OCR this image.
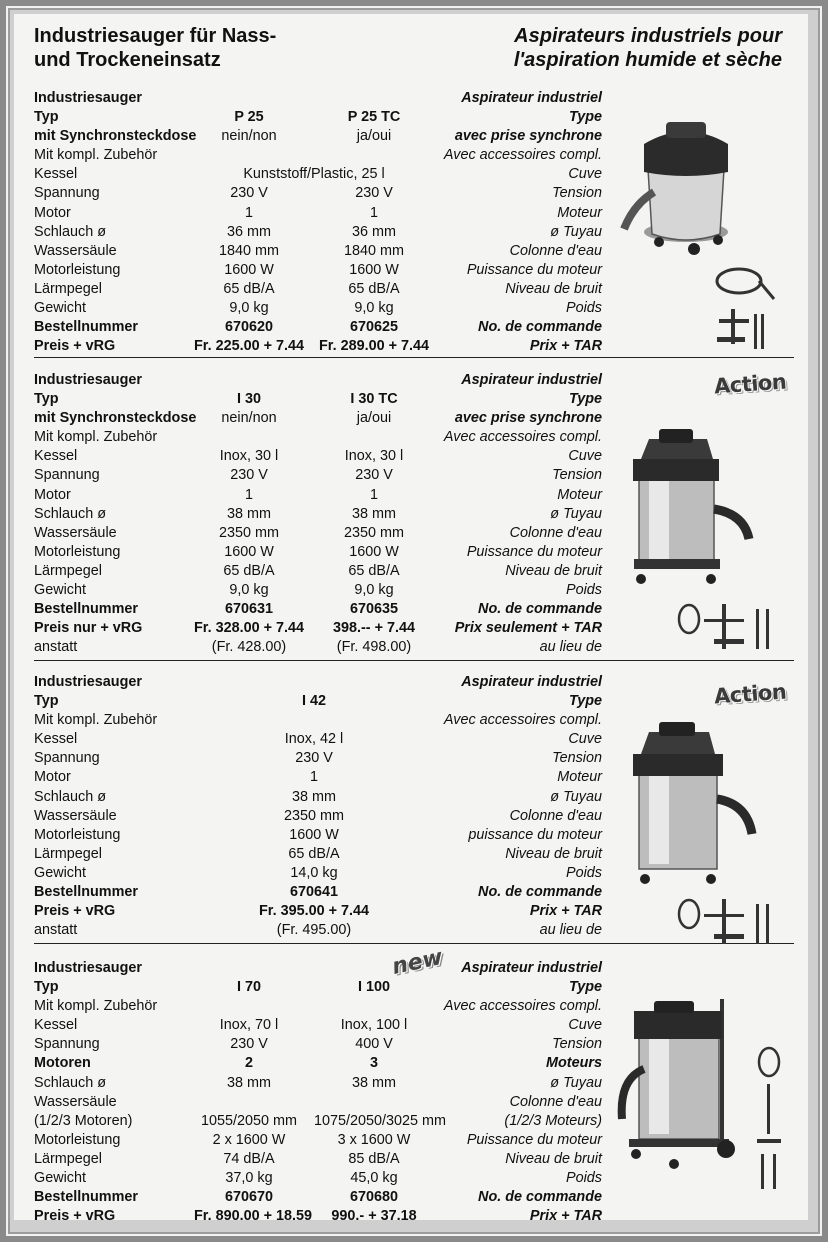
Industriesauger für Nass-
und Trockeneinsatz
Aspirateurs industriels pour
l'aspiration humide et sèche
Industriesauger	Aspirateur industriel
Typ	P 25	P 25 TC	Type
mit Synchronsteckdose	nein/non	ja/oui	avec prise synchrone
Mit kompl. Zubehör	Avec accessoires compl.
Kessel	Kunststoff/Plastic, 25 l	Cuve
Spannung	230 V	230 V	Tension
Motor	1	1	Moteur
Schlauch ø	36 mm	36 mm	ø Tuyau
Wassersäule	1840 mm	1840 mm	Colonne d'eau
Motorleistung	1600 W	1600 W	Puissance du moteur
Lärmpegel	65 dB/A	65 dB/A	Niveau de bruit
Gewicht	9,0 kg	9,0 kg	Poids
Bestellnummer	670620	670625	No. de commande
Preis + vRG	Fr. 225.00 + 7.44	Fr. 289.00 + 7.44	Prix + TAR
Industriesauger	Aspirateur industriel
Typ	I 30	I 30 TC	Type
mit Synchronsteckdose	nein/non	ja/oui	avec prise synchrone
Mit kompl. Zubehör	Avec accessoires compl.
Kessel	Inox, 30 l	Inox, 30 l	Cuve
Spannung	230 V	230 V	Tension
Motor	1	1	Moteur
Schlauch ø	38 mm	38 mm	ø Tuyau
Wassersäule	2350 mm	2350 mm	Colonne d'eau
Motorleistung	1600 W	1600 W	Puissance du moteur
Lärmpegel	65 dB/A	65 dB/A	Niveau de bruit
Gewicht	9,0 kg	9,0 kg	Poids
Bestellnummer	670631	670635	No. de commande
Preis nur + vRG	Fr. 328.00 + 7.44	398.-- + 7.44	Prix seulement + TAR
anstatt	(Fr. 428.00)	(Fr. 498.00)	au lieu de
Industriesauger	Aspirateur industriel
Typ	I 42	Type
Mit kompl. Zubehör	Avec accessoires compl.
Kessel	Inox, 42 l	Cuve
Spannung	230 V	Tension
Motor	1	Moteur
Schlauch ø	38 mm	ø Tuyau
Wassersäule	2350 mm	Colonne d'eau
Motorleistung	1600 W	puissance du moteur
Lärmpegel	65 dB/A	Niveau de bruit
Gewicht	14,0 kg	Poids
Bestellnummer	670641	No. de commande
Preis + vRG	Fr. 395.00 + 7.44	Prix + TAR
anstatt	(Fr. 495.00)	au lieu de
Industriesauger	Aspirateur industriel
Typ	I 70	I 100	Type
Mit kompl. Zubehör	Avec accessoires compl.
Kessel	Inox, 70 l	Inox, 100 l	Cuve
Spannung	230 V	400 V	Tension
Motoren	2	3	Moteurs
Schlauch ø	38 mm	38 mm	ø Tuyau
Wassersäule	Colonne d'eau
(1/2/3 Motoren)	1055/2050 mm	1075/2050/3025 mm	(1/2/3 Moteurs)
Motorleistung	2 x 1600 W	3 x 1600 W	Puissance du moteur
Lärmpegel	74 dB/A	85 dB/A	Niveau de bruit
Gewicht	37,0 kg	45,0 kg	Poids
Bestellnummer	670670	670680	No. de commande
Preis + vRG	Fr. 890.00 + 18.59	990.- + 37.18	Prix + TAR
Action
Action
new
